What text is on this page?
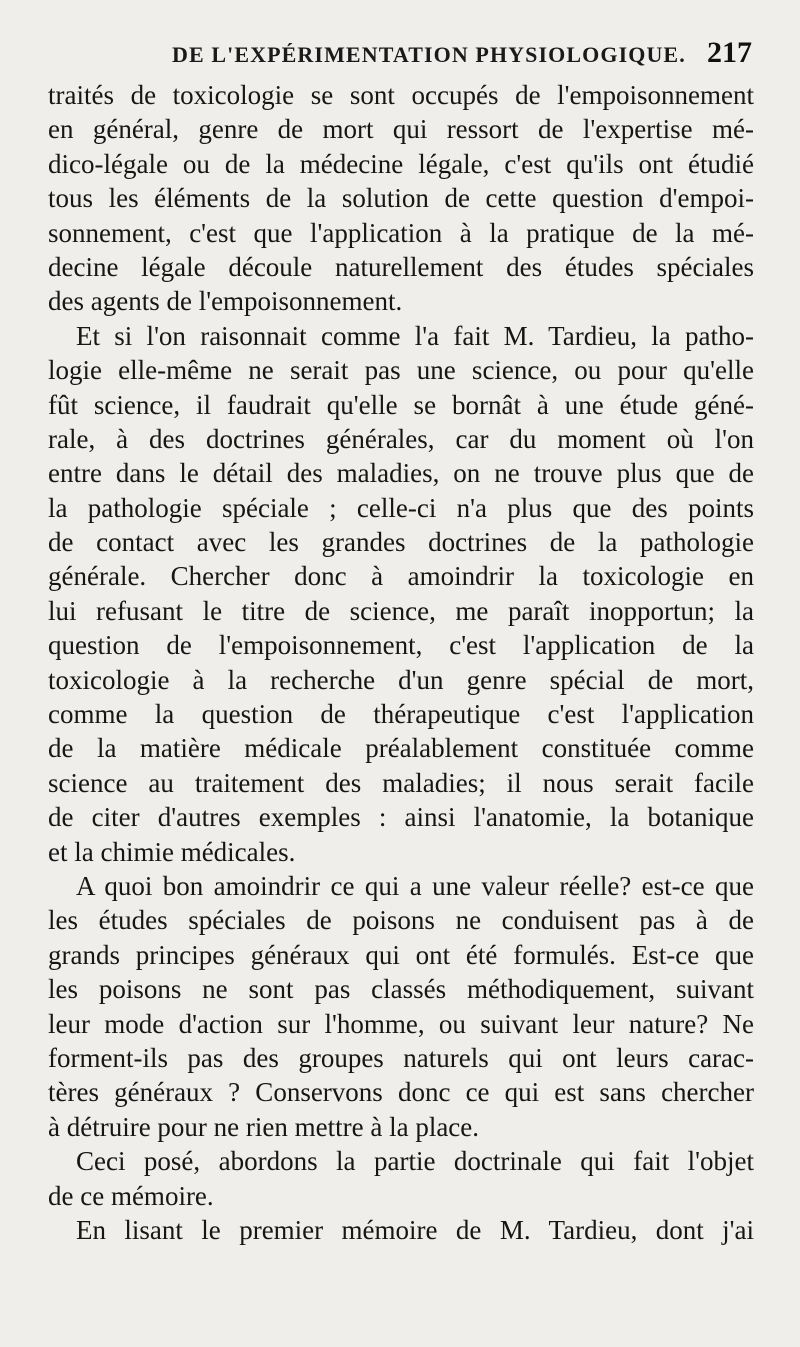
DE L'EXPÉRIMENTATION PHYSIOLOGIQUE. 217
traités de toxicologie se sont occupés de l'empoisonnement
en général, genre de mort qui ressort de l'expertise mé-
dico-légale ou de la médecine légale, c'est qu'ils ont étudié
tous les éléments de la solution de cette question d'empoi-
sonnement, c'est que l'application à la pratique de la mé-
decine légale découle naturellement des études spéciales
des agents de l'empoisonnement.
Et si l'on raisonnait comme l'a fait M. Tardieu, la patho-
logie elle-même ne serait pas une science, ou pour qu'elle
fût science, il faudrait qu'elle se bornât à une étude géné-
rale, à des doctrines générales, car du moment où l'on
entre dans le détail des maladies, on ne trouve plus que de
la pathologie spéciale ; celle-ci n'a plus que des points
de contact avec les grandes doctrines de la pathologie
générale. Chercher donc à amoindrir la toxicologie en
lui refusant le titre de science, me paraît inopportun; la
question de l'empoisonnement, c'est l'application de la
toxicologie à la recherche d'un genre spécial de mort,
comme la question de thérapeutique c'est l'application
de la matière médicale préalablement constituée comme
science au traitement des maladies; il nous serait facile
de citer d'autres exemples : ainsi l'anatomie, la botanique
et la chimie médicales.
A quoi bon amoindrir ce qui a une valeur réelle? est-ce que
les études spéciales de poisons ne conduisent pas à de
grands principes généraux qui ont été formulés. Est-ce que
les poisons ne sont pas classés méthodiquement, suivant
leur mode d'action sur l'homme, ou suivant leur nature? Ne
forment-ils pas des groupes naturels qui ont leurs carac-
tères généraux ? Conservons donc ce qui est sans chercher
à détruire pour ne rien mettre à la place.
Ceci posé, abordons la partie doctrinale qui fait l'objet
de ce mémoire.
En lisant le premier mémoire de M. Tardieu, dont j'ai
